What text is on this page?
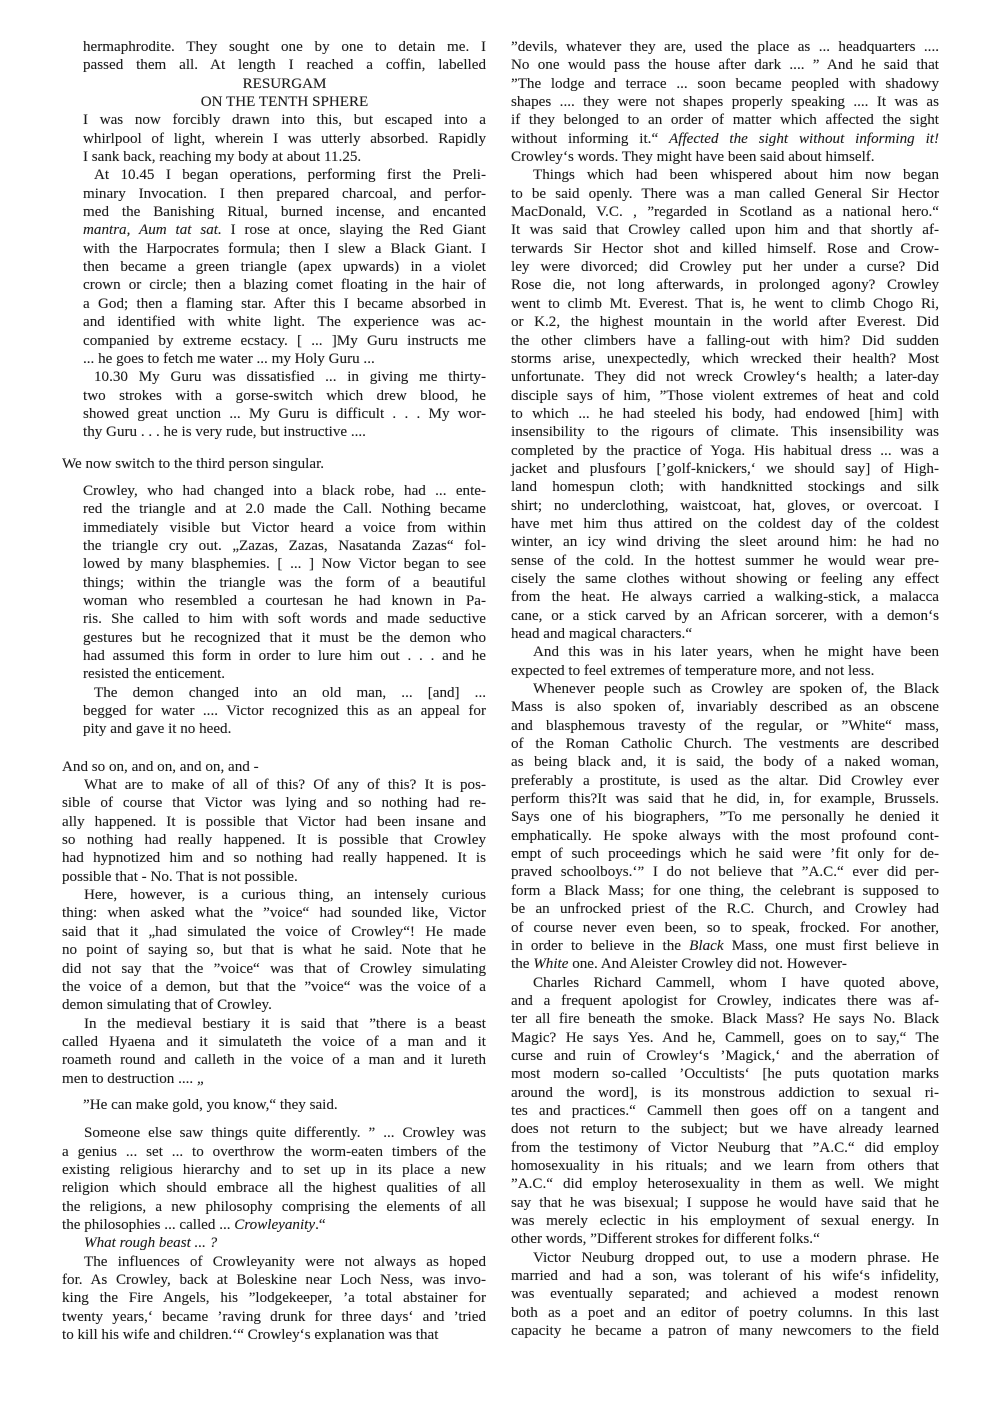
hermaphrodite. They sought one by one to detain me. I
passed them all. At length I reached a coffin, labelled
RESURGAM
ON THE TENTH SPHERE
I was now forcibly drawn into this, but escaped into a
whirlpool of light, wherein I was utterly absorbed. Rapidly
I sank back, reaching my body at about 11.25.
At 10.45 I began operations, performing first the Preli-
minary Invocation. I then prepared charcoal, and perfor-
med the Banishing Ritual, burned incense, and encanted
mantra, Aum tat sat. I rose at once, slaying the Red Giant
with the Harpocrates formula; then I slew a Black Giant. I
then became a green triangle (apex upwards) in a violet
crown or circle; then a blazing comet floating in the hair of
a God; then a flaming star. After this I became absorbed in
and identified with white light. The experience was ac-
companied by extreme ecstacy. [ ... ]My Guru instructs me
... he goes to fetch me water ... my Holy Guru ...
10.30 My Guru was dissatisfied ... in giving me thirty-
two strokes with a gorse-switch which drew blood, he
showed great unction ... My Guru is difficult . . . My wor-
thy Guru . . . he is very rude, but instructive ....
We now switch to the third person singular.
Crowley, who had changed into a black robe, had ... ente-
red the triangle and at 2.0 made the Call. Nothing became
immediately visible but Victor heard a voice from within
the triangle cry out. „Zazas, Zazas, Nasatanda Zazas“ fol-
lowed by many blasphemies. [ ... ] Now Victor began to see
things; within the triangle was the form of a beautiful
woman who resembled a courtesan he had known in Pa-
ris. She called to him with soft words and made seductive
gestures but he recognized that it must be the demon who
had assumed this form in order to lure him out . . . and he
resisted the enticement.
The demon changed into an old man, ... [and] ...
begged for water .... Victor recognized this as an appeal for
pity and gave it no heed.
And so on, and on, and on, and -
What are to make of all of this? Of any of this? It is pos-
sible of course that Victor was lying and so nothing had re-
ally happened. It is possible that Victor had been insane and
so nothing had really happened. It is possible that Crowley
had hypnotized him and so nothing had really happened. It is
possible that - No. That is not possible.
Here, however, is a curious thing, an intensely curious
thing: when asked what the ”voice“ had sounded like, Victor
said that it „had simulated the voice of Crowley“! He made
no point of saying so, but that is what he said. Note that he
did not say that the ”voice“ was that of Crowley simulating
the voice of a demon, but that the ”voice“ was the voice of a
demon simulating that of Crowley.
In the medieval bestiary it is said that ”there is a beast
called Hyaena and it simulateth the voice of a man and it
roameth round and calleth in the voice of a man and it lureth
men to destruction .... „
”He can make gold, you know,“ they said.
Someone else saw things quite differently. ” ... Crowley was
a genius ... set ... to overthrow the worm-eaten timbers of the
existing religious hierarchy and to set up in its place a new
religion which should embrace all the highest qualities of all
the religions, a new philosophy comprising the elements of all
the philosophies ... called ... Crowleyanity.“
What rough beast ... ?
The influences of Crowleyanity were not always as hoped
for. As Crowley, back at Boleskine near Loch Ness, was invo-
king the Fire Angels, his ”lodgekeeper, ’a total abstainer for
twenty years,‘ became ’raving drunk for three days‘ and ’tried
to kill his wife and children.‘“ Crowley‘s explanation was that
”devils, whatever they are, used the place as ... headquarters ....
No one would pass the house after dark .... ” And he said that
”The lodge and terrace ... soon became peopled with shadowy
shapes .... they were not shapes properly speaking .... It was as
if they belonged to an order of matter which affected the sight
without informing it.“ Affected the sight without informing it!
Crowley‘s words. They might have been said about himself.
Things which had been whispered about him now began
to be said openly. There was a man called General Sir Hector
MacDonald, V.C. , ”regarded in Scotland as a national hero.“
It was said that Crowley called upon him and that shortly af-
terwards Sir Hector shot and killed himself. Rose and Crow-
ley were divorced; did Crowley put her under a curse? Did
Rose die, not long afterwards, in prolonged agony? Crowley
went to climb Mt. Everest. That is, he went to climb Chogo Ri,
or K.2, the highest mountain in the world after Everest. Did
the other climbers have a falling-out with him? Did sudden
storms arise, unexpectedly, which wrecked their health? Most
unfortunate. They did not wreck Crowley‘s health; a later-day
disciple says of him, ”Those violent extremes of heat and cold
to which ... he had steeled his body, had endowed [him] with
insensibility to the rigours of climate. This insensibility was
completed by the practice of Yoga. His habitual dress ... was a
jacket and plusfours [’golf-knickers,‘ we should say] of High-
land homespun cloth; with handknitted stockings and silk
shirt; no underclothing, waistcoat, hat, gloves, or overcoat. I
have met him thus attired on the coldest day of the coldest
winter, an icy wind driving the sleet around him: he had no
sense of the cold. In the hottest summer he would wear pre-
cisely the same clothes without showing or feeling any effect
from the heat. He always carried a walking-stick, a malacca
cane, or a stick carved by an African sorcerer, with a demon‘s
head and magical characters.“
And this was in his later years, when he might have been
expected to feel extremes of temperature more, and not less.
Whenever people such as Crowley are spoken of, the Black
Mass is also spoken of, invariably described as an obscene
and blasphemous travesty of the regular, or ”White“ mass,
of the Roman Catholic Church. The vestments are described
as being black and, it is said, the body of a naked woman,
preferably a prostitute, is used as the altar. Did Crowley ever
perform this?It was said that he did, in, for example, Brussels.
Says one of his biographers, ”To me personally he denied it
emphatically. He spoke always with the most profound cont-
empt of such proceedings which he said were ’fit only for de-
praved schoolboys.‘” I do not believe that ”A.C.“ ever did per-
form a Black Mass; for one thing, the celebrant is supposed to
be an unfrocked priest of the R.C. Church, and Crowley had
of course never even been, so to speak, frocked. For another,
in order to believe in the Black Mass, one must first believe in
the White one. And Aleister Crowley did not. However-
Charles Richard Cammell, whom I have quoted above,
and a frequent apologist for Crowley, indicates there was af-
ter all fire beneath the smoke. Black Mass? He says No. Black
Magic? He says Yes. And he, Cammell, goes on to say,“ The
curse and ruin of Crowley‘s ’Magick,‘ and the aberration of
most modern so-called ’Occultists‘ [he puts quotation marks
around the word], is its monstrous addiction to sexual ri-
tes and practices.“ Cammell then goes off on a tangent and
does not return to the subject; but we have already learned
from the testimony of Victor Neuburg that ”A.C.“ did employ
homosexuality in his rituals; and we learn from others that
”A.C.“ did employ heterosexuality in them as well. We might
say that he was bisexual; I suppose he would have said that he
was merely eclectic in his employment of sexual energy. In
other words, ”Different strokes for different folks.“
Victor Neuburg dropped out, to use a modern phrase. He
married and had a son, was tolerant of his wife‘s infidelity,
was eventually separated; and achieved a modest renown
both as a poet and an editor of poetry columns. In this last
capacity he became a patron of many newcomers to the field
